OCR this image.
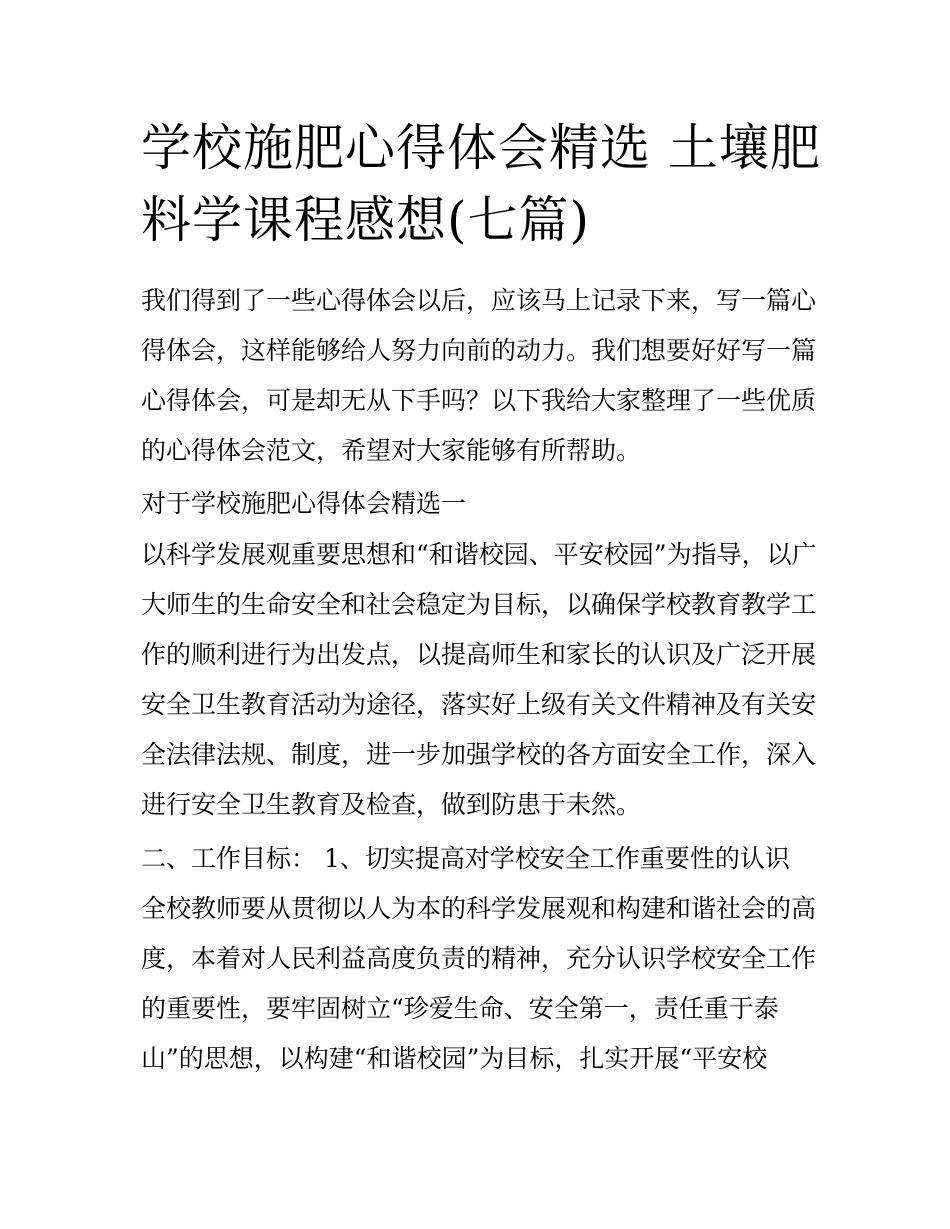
学校施肥心得体会精选 土壤肥
料学课程感想(七篇)
我们得到了一些心得体会以后，应该马上记录下来，写一篇心
得体会，这样能够给人努力向前的动力。我们想要好好写一篇
心得体会，可是却无从下手吗？以下我给大家整理了一些优质
的心得体会范文，希望对大家能够有所帮助。
对于学校施肥心得体会精选一
以科学发展观重要思想和“和谐校园、平安校园”为指导，以广
大师生的生命安全和社会稳定为目标，以确保学校教育教学工
作的顺利进行为出发点，以提高师生和家长的认识及广泛开展
安全卫生教育活动为途径，落实好上级有关文件精神及有关安
全法律法规、制度，进一步加强学校的各方面安全工作，深入
进行安全卫生教育及检查，做到防患于未然。
二、工作目标： 1、切实提高对学校安全工作重要性的认识
全校教师要从贯彻以人为本的科学发展观和构建和谐社会的高
度，本着对人民利益高度负责的精神，充分认识学校安全工作
的重要性，要牢固树立“珍爱生命、安全第一，责任重于泰
山”的思想，以构建“和谐校园”为目标，扎实开展“平安校
